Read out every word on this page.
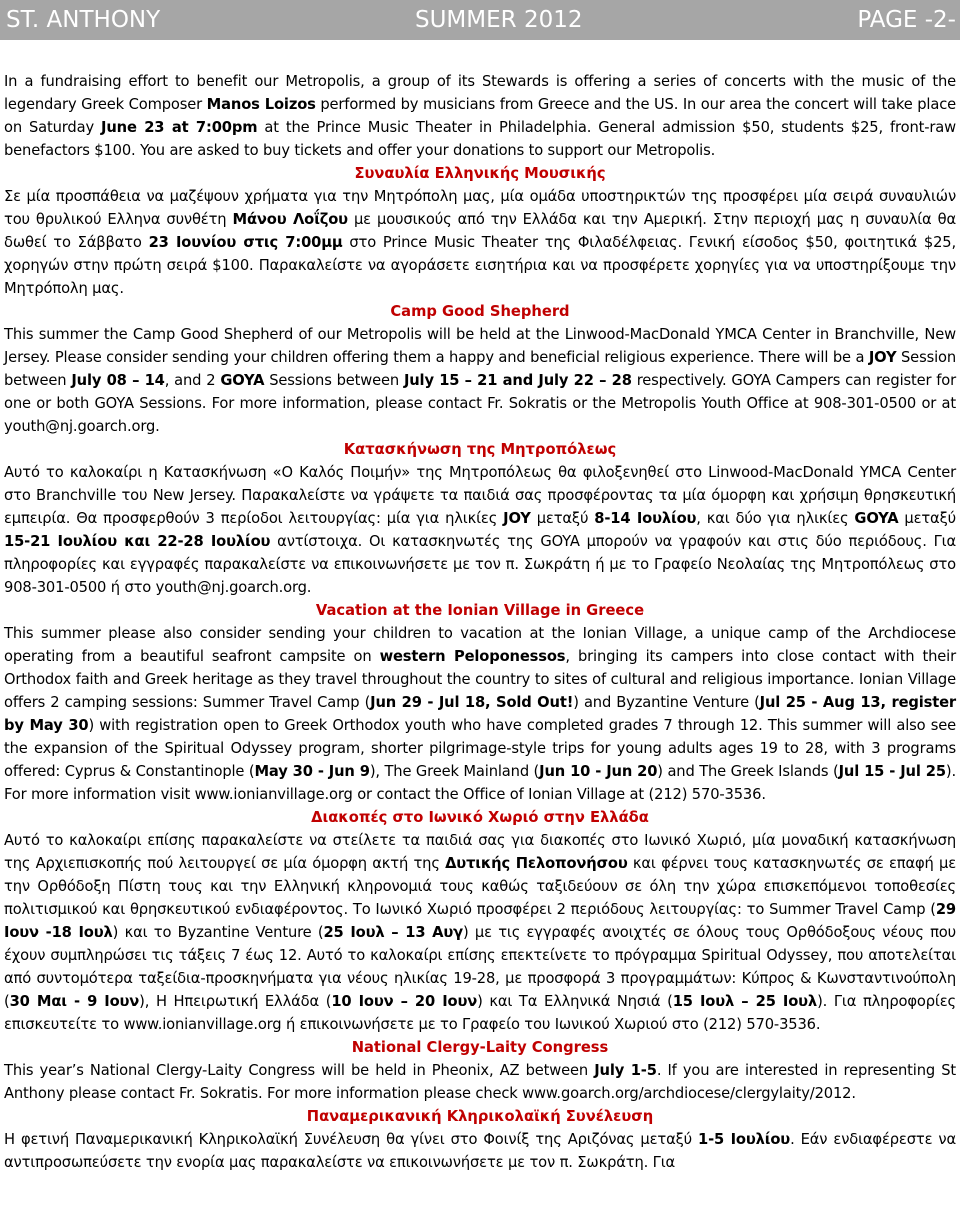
ST. ANTHONY	SUMMER 2012	PAGE -2-

In a fundraising effort to benefit our Metropolis, a group of its Stewards is offering a series of concerts with the music of the legendary Greek Composer Manos Loizos performed by musicians from Greece and the US. In our area the concert will take place on Saturday June 23 at 7:00pm at the Prince Music Theater in Philadelphia. General admission $50, students $25, front-raw benefactors $100. You are asked to buy tickets and offer your donations to support our Metropolis.

Συναυλία Ελληνικής Μουσικής

Σε μία προσπάθεια να μαζέψουν χρήματα για την Μητρόπολη μας, μία ομάδα υποστηρικτών της προσφέρει μία σειρά συναυλιών του θρυλικού Ελληνα συνθέτη Μάνου Λοΐζου με μουσικούς από την Ελλάδα και την Αμερική. Στην περιοχή μας η συναυλία θα δωθεί το Σάββατο 23 Ιουνίου στις 7:00μμ στο Prince Music Theater της Φιλαδέλφειας. Γενική είσοδος $50, φοιτητικά $25, χορηγών στην πρώτη σειρά $100. Παρακαλείστε να αγοράσετε εισητήρια και να προσφέρετε χορηγίες για να υποστηρίξουμε την Μητρόπολη μας.

Camp Good Shepherd

This summer the Camp Good Shepherd of our Metropolis will be held at the Linwood-MacDonald YMCA Center in Branchville, New Jersey. Please consider sending your children offering them a happy and beneficial religious experience. There will be a JOY Session between July 08 – 14, and 2 GOYA Sessions between July 15 – 21 and July 22 – 28 respectively. GOYA Campers can register for one or both GOYA Sessions. For more information, please contact Fr. Sokratis or the Metropolis Youth Office at 908-301-0500 or at youth@nj.goarch.org.

Κατασκήνωση της Μητροπόλεως

Αυτό το καλοκαίρι η Κατασκήνωση «Ο Καλός Ποιμήν» της Μητροπόλεως θα φιλοξενηθεί στο Linwood-MacDonald YMCA Center στο Branchville του New Jersey. Παρακαλείστε να γράψετε τα παιδιά σας προσφέροντας τα μία όμορφη και χρήσιμη θρησκευτική εμπειρία. Θα προσφερθούν 3 περίοδοι λειτουργίας: μία για ηλικίες JOY μεταξύ 8-14 Ιουλίου, και δύο για ηλικίες GOYA μεταξύ 15-21 Ιουλίου και 22-28 Ιουλίου αντίστοιχα. Οι κατασκηνωτές της GOYA μπορούν να γραφούν και στις δύο περιόδους. Για πληροφορίες και εγγραφές παρακαλείστε να επικοινωνήσετε με τον π. Σωκράτη ή με το Γραφείο Νεολαίας της Μητροπόλεως στο 908-301-0500 ή στο youth@nj.goarch.org.

Vacation at the Ionian Village in Greece

This summer please also consider sending your children to vacation at the Ionian Village, a unique camp of the Archdiocese operating from a beautiful seafront campsite on western Peloponessos, bringing its campers into close contact with their Orthodox faith and Greek heritage as they travel throughout the country to sites of cultural and religious importance. Ionian Village offers 2 camping sessions: Summer Travel Camp (Jun 29 - Jul 18, Sold Out!) and Byzantine Venture (Jul 25 - Aug 13, register by May 30) with registration open to Greek Orthodox youth who have completed grades 7 through 12. This summer will also see the expansion of the Spiritual Odyssey program, shorter pilgrimage-style trips for young adults ages 19 to 28, with 3 programs offered: Cyprus & Constantinople (May 30 - Jun 9), The Greek Mainland (Jun 10 - Jun 20) and The Greek Islands (Jul 15 - Jul 25). For more information visit www.ionianvillage.org or contact the Office of Ionian Village at (212) 570-3536.

Διακοπές στο Ιωνικό Χωριό στην Ελλάδα

Αυτό το καλοκαίρι επίσης παρακαλείστε να στείλετε τα παιδιά σας για διακοπές στο Ιωνικό Χωριό, μία μοναδική κατασκήνωση της Αρχιεπισκοπής πού λειτουργεί σε μία όμορφη ακτή της Δυτικής Πελοπονήσου και φέρνει τους κατασκηνωτές σε επαφή με την Ορθόδοξη Πίστη τους και την Ελληνική κληρονομιά τους καθώς ταξιδεύουν σε όλη την χώρα επισκεπόμενοι τοποθεσίες πολιτισμικού και θρησκευτικού ενδιαφέροντος. Το Ιωνικό Χωριό προσφέρει 2 περιόδους λειτουργίας: το Summer Travel Camp (29 Ιουν -18 Ιουλ) και το Byzantine Venture (25 Ιουλ – 13 Αυγ) με τις εγγραφές ανοιχτές σε όλους τους Ορθόδοξους νέους που έχουν συμπληρώσει τις τάξεις 7 έως 12. Αυτό το καλοκαίρι επίσης επεκτείνετε το πρόγραμμα Spiritual Odyssey, που αποτελείται από συντομότερα ταξείδια-προσκηνήματα για νέους ηλικίας 19-28, με προσφορά 3 προγραμμάτων: Κύπρος & Κωνσταντινούπολη (30 Μαι - 9 Ιουν), Η Ηπειρωτική Ελλάδα (10 Ιουν – 20 Ιουν) και Τα Ελληνικά Νησιά (15 Ιουλ – 25 Ιουλ). Για πληροφορίες επισκευτείτε το www.ionianvillage.org ή επικοινωνήσετε με το Γραφείο του Ιωνικού Χωριού στο (212) 570-3536.

National Clergy-Laity Congress

This year’s National Clergy-Laity Congress will be held in Pheonix, AZ between July 1-5. If you are interested in representing St Anthony please contact Fr. Sokratis. For more information please check www.goarch.org/archdiocese/clergylaity/2012.

Παναμερικανική Κληρικολαϊκή Συνέλευση

Η φετινή Παναμερικανική Κληρικολαϊκή Συνέλευση θα γίνει στο Φοινίξ της Αριζόνας μεταξύ 1-5 Ιουλίου. Εάν ενδιαφέρεστε να αντιπροσωπεύσετε την ενορία μας παρακαλείστε να επικοινωνήσετε με τον π. Σωκράτη. Για
